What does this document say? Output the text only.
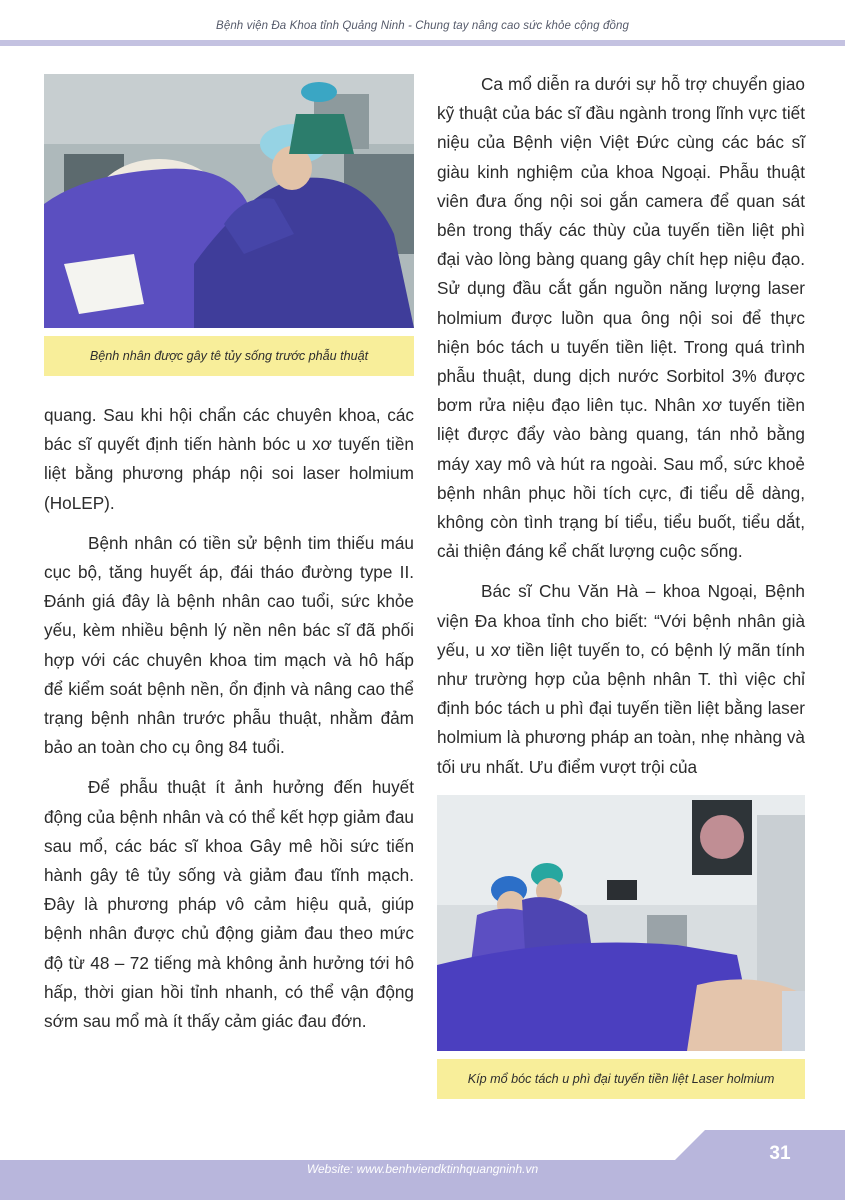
Bệnh viện Đa Khoa tỉnh Quảng Ninh - Chung tay nâng cao sức khỏe cộng đồng
Bệnh nhân được gây tê tủy sống trước phẫu thuật

quang. Sau khi hội chẩn các chuyên khoa, các bác sĩ quyết định tiến hành bóc u xơ tuyến tiền liệt bằng phương pháp nội soi laser holmium (HoLEP).

Bệnh nhân có tiền sử bệnh tim thiếu máu cục bộ, tăng huyết áp, đái tháo đường type II. Đánh giá đây là bệnh nhân cao tuổi, sức khỏe yếu, kèm nhiều bệnh lý nền nên bác sĩ đã phối hợp với các chuyên khoa tim mạch và hô hấp để kiểm soát bệnh nền, ổn định và nâng cao thể trạng bệnh nhân trước phẫu thuật, nhằm đảm bảo an toàn cho cụ ông 84 tuổi.

Để phẫu thuật ít ảnh hưởng đến huyết động của bệnh nhân và có thể kết hợp giảm đau sau mổ, các bác sĩ khoa Gây mê hồi sức tiến hành gây tê tủy sống và giảm đau tĩnh mạch. Đây là phương pháp vô cảm hiệu quả, giúp bệnh nhân được chủ động giảm đau theo mức độ từ 48 – 72 tiếng mà không ảnh hưởng tới hô hấp, thời gian hồi tỉnh nhanh, có thể vận động sớm sau mổ mà ít thấy cảm giác đau đớn.

Ca mổ diễn ra dưới sự hỗ trợ chuyển giao kỹ thuật của bác sĩ đầu ngành trong lĩnh vực tiết niệu của Bệnh viện Việt Đức cùng các bác sĩ giàu kinh nghiệm của khoa Ngoại. Phẫu thuật viên đưa ống nội soi gắn camera để quan sát bên trong thấy các thùy của tuyến tiền liệt phì đại vào lòng bàng quang gây chít hẹp niệu đạo. Sử dụng đầu cắt gắn nguồn năng lượng laser holmium được luồn qua ông nội soi để thực hiện bóc tách u tuyến tiền liệt. Trong quá trình phẫu thuật, dung dịch nước Sorbitol 3% được bơm rửa niệu đạo liên tục. Nhân xơ tuyến tiền liệt được đẩy vào bàng quang, tán nhỏ bằng máy xay mô và hút ra ngoài. Sau mổ, sức khoẻ bệnh nhân phục hồi tích cực, đi tiểu dễ dàng, không còn tình trạng bí tiểu, tiểu buốt, tiểu dắt, cải thiện đáng kể chất lượng cuộc sống.

Bác sĩ Chu Văn Hà – khoa Ngoại, Bệnh viện Đa khoa tỉnh cho biết: “Với bệnh nhân già yếu, u xơ tiền liệt tuyến to, có bệnh lý mãn tính như trường hợp của bệnh nhân T. thì việc chỉ định bóc tách u phì đại tuyến tiền liệt bằng laser holmium là phương pháp an toàn, nhẹ nhàng và tối ưu nhất. Ưu điểm vượt trội của

Kíp mổ bóc tách u phì đại tuyến tiền liệt Laser holmium
Website: www.benhviendktinhquangninh.vn
31
